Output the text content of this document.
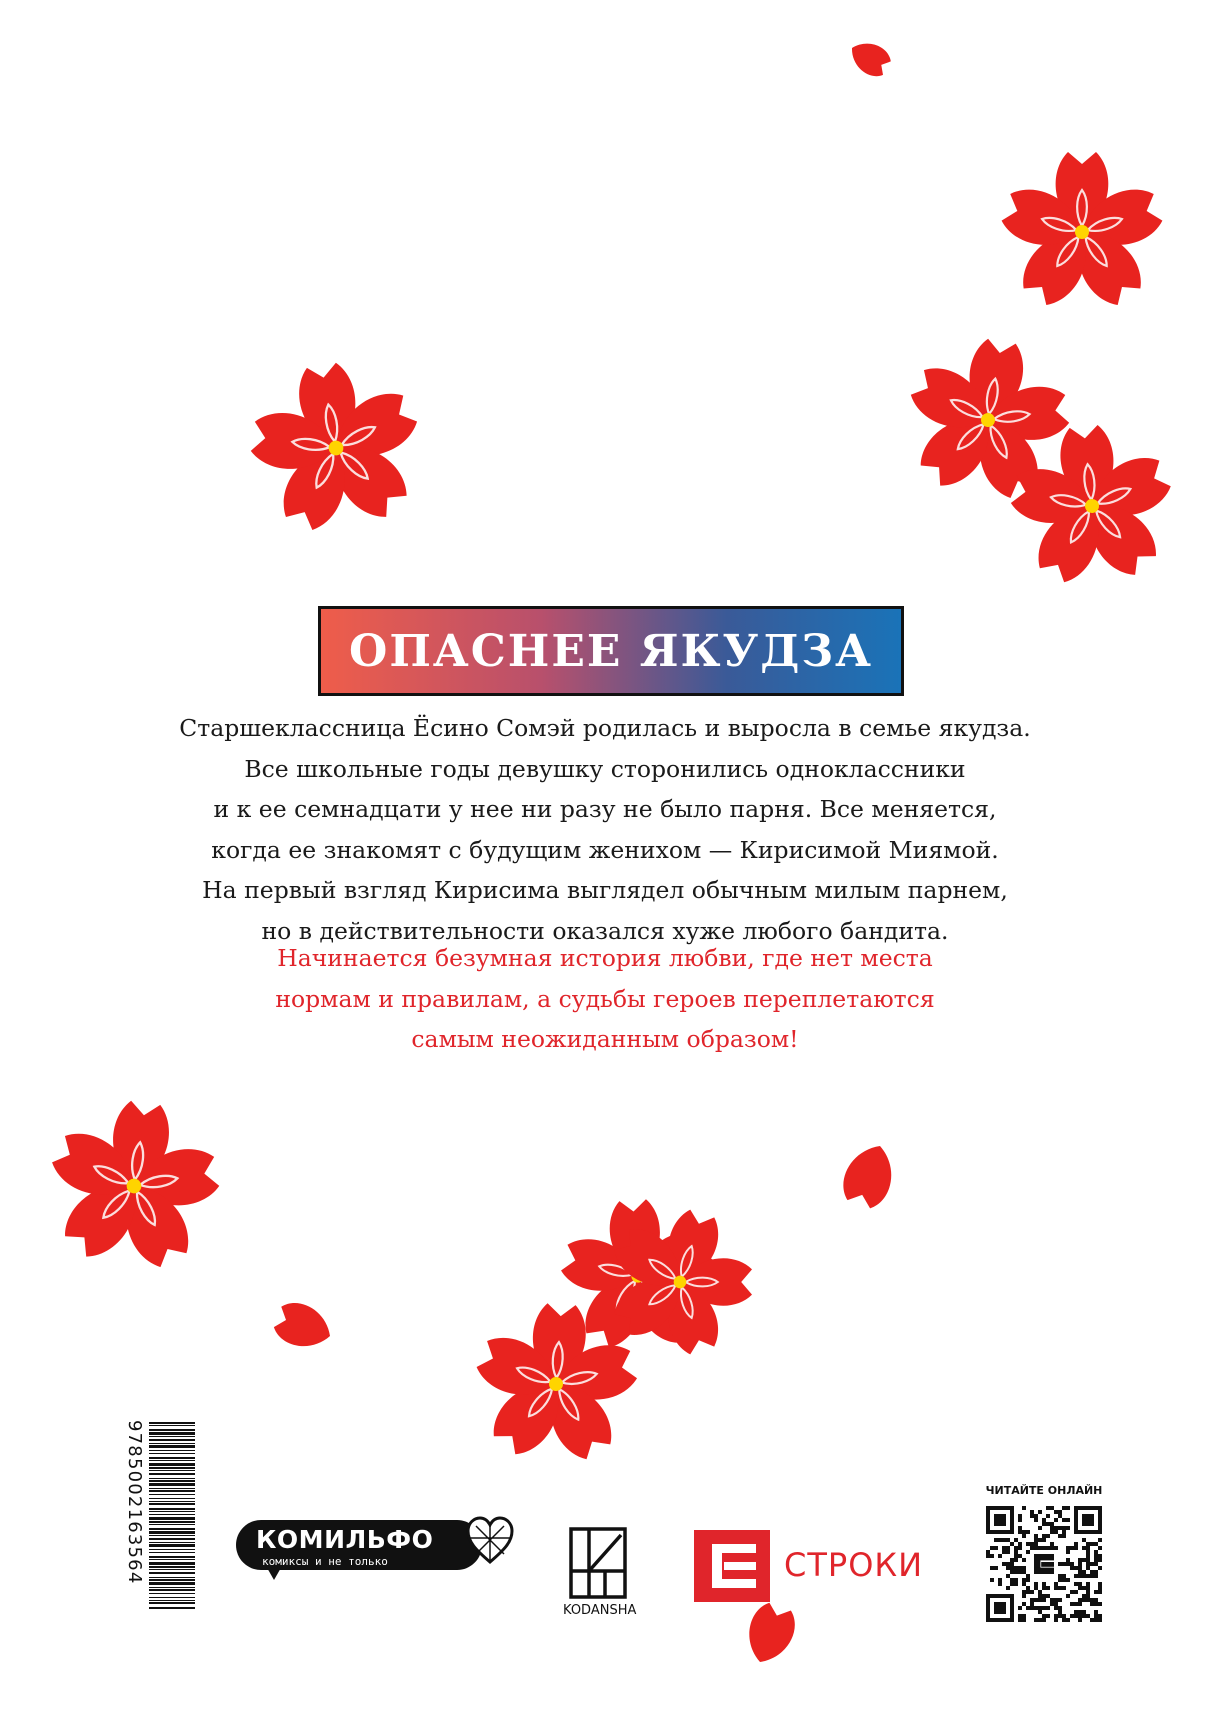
ОПАСНЕЕ ЯКУДЗА
Старшеклассница Ёсино Сомэй родилась и выросла в семье якудза.
Все школьные годы девушку сторонились одноклассники
и к ее семнадцати у нее ни разу не было парня. Все меняется,
когда ее знакомят с будущим женихом — Кирисимой Миямой.
На первый взгляд Кирисима выглядел обычным милым парнем,
но в действительности оказался хуже любого бандита.
Начинается безумная история любви, где нет места
нормам и правилам, а судьбы героев переплетаются
самым неожиданным образом!
9785002163564	КОМИЛЬФО
комиксы и не только
KODANSHA
СТРОКИ
ЧИТАЙТЕ ОНЛАЙН
